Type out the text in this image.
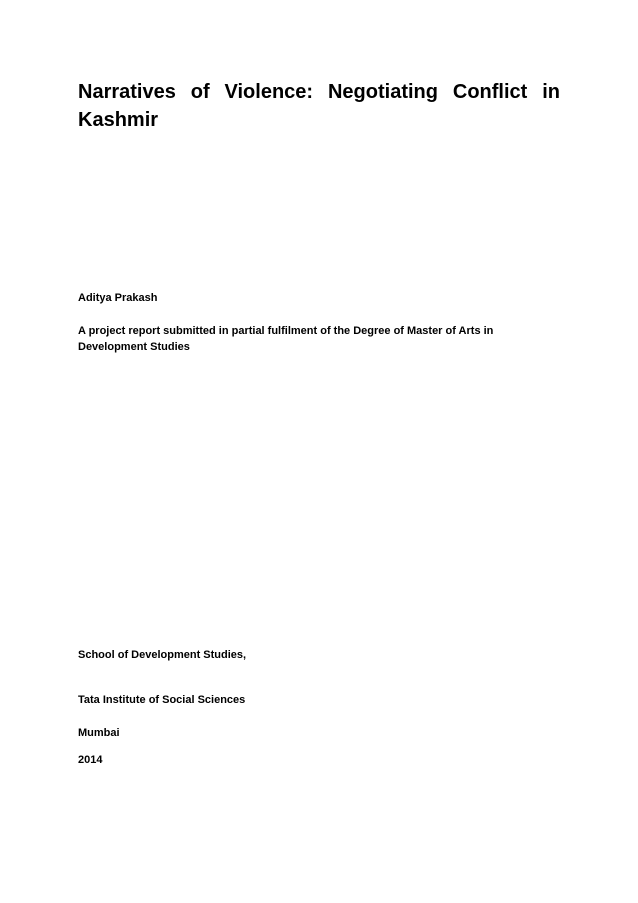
Narratives of Violence: Negotiating Conflict in Kashmir

Aditya Prakash

A project report submitted in partial fulfilment of the Degree of Master of Arts in Development Studies

School of Development Studies,

Tata Institute of Social Sciences

Mumbai

2014
